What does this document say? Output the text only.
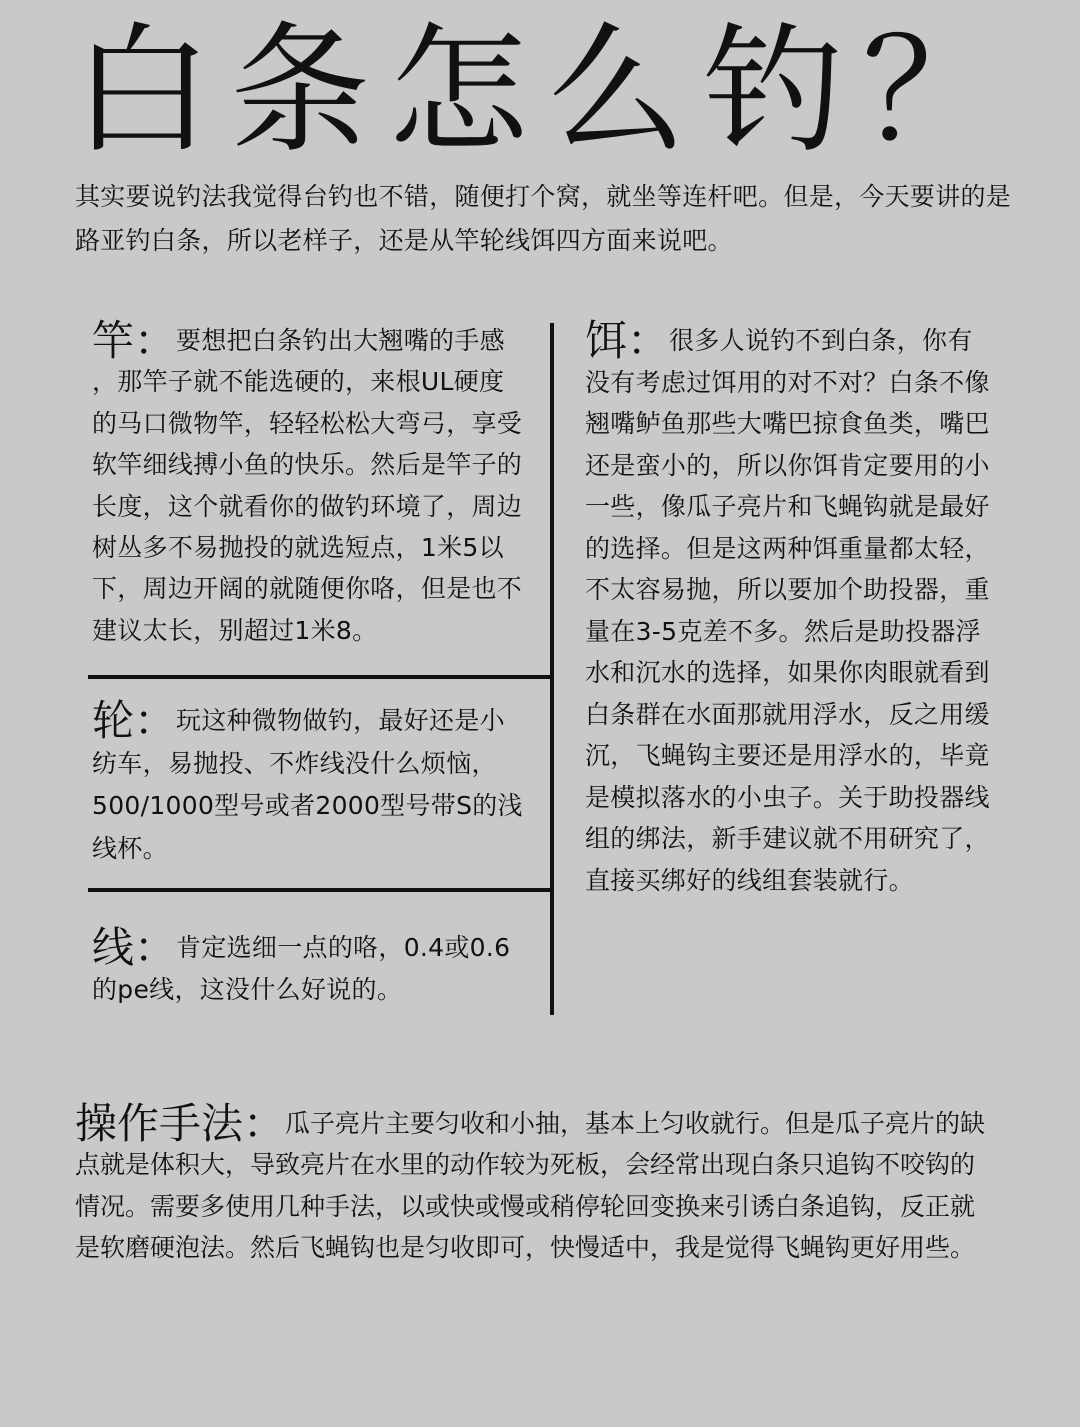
白条怎么钓？
其实要说钓法我觉得台钓也不错，随便打个窝，就坐等连杆吧。但是，今天要讲的是
路亚钓白条，所以老样子，还是从竿轮线饵四方面来说吧。
竿： 要想把白条钓出大翘嘴的手感
，那竿子就不能选硬的，来根UL硬度
的马口微物竿，轻轻松松大弯弓，享受
软竿细线搏小鱼的快乐。然后是竿子的
长度，这个就看你的做钓环境了，周边
树丛多不易抛投的就选短点，1米5以
下，周边开阔的就随便你咯，但是也不
建议太长，别超过1米8。
轮： 玩这种微物做钓，最好还是小
纺车，易抛投、不炸线没什么烦恼，
500/1000型号或者2000型号带S的浅
线杯。
线： 肯定选细一点的咯，0.4或0.6
的pe线，这没什么好说的。
饵： 很多人说钓不到白条，你有
没有考虑过饵用的对不对？白条不像
翘嘴鲈鱼那些大嘴巴掠食鱼类，嘴巴
还是蛮小的，所以你饵肯定要用的小
一些，像瓜子亮片和飞蝇钩就是最好
的选择。但是这两种饵重量都太轻，
不太容易抛，所以要加个助投器，重
量在3-5克差不多。然后是助投器浮
水和沉水的选择，如果你肉眼就看到
白条群在水面那就用浮水，反之用缓
沉，飞蝇钩主要还是用浮水的，毕竟
是模拟落水的小虫子。关于助投器线
组的绑法，新手建议就不用研究了，
直接买绑好的线组套装就行。
操作手法： 瓜子亮片主要匀收和小抽，基本上匀收就行。但是瓜子亮片的缺
点就是体积大，导致亮片在水里的动作较为死板，会经常出现白条只追钩不咬钩的
情况。需要多使用几种手法，以或快或慢或稍停轮回变换来引诱白条追钩，反正就
是软磨硬泡法。然后飞蝇钩也是匀收即可，快慢适中，我是觉得飞蝇钩更好用些。
